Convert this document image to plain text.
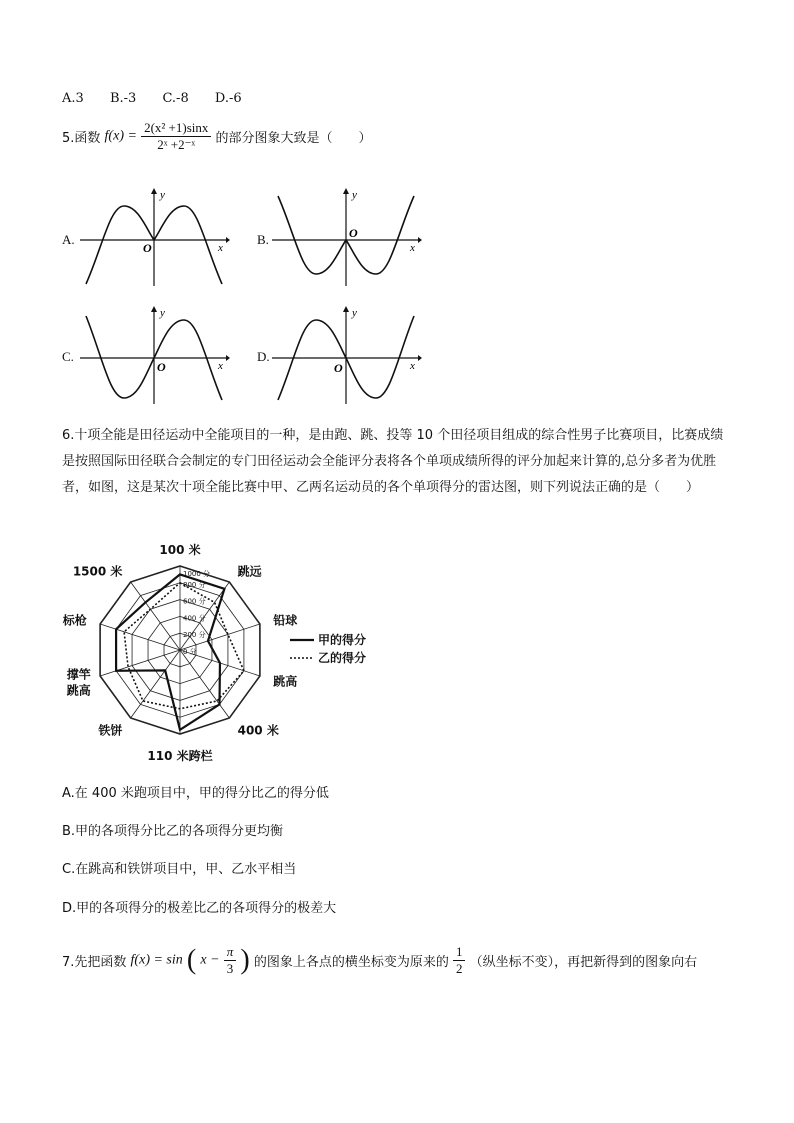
A.3 B.-3 C.-8 D.-6
5.函数 $f(x) = \frac{\text{2(x² +1)sinx}}{\text{2ˣ +2⁻ˣ}}$ 的部分图象大致是（　　）
A.	B.
C.	D.
y
x
O
y
x
O
y
x
O
y
x
O
6.十项全能是田径运动中全能项目的一种，是由跑、跳、投等 10 个田径项目组成的综合性男子比赛项目，比赛成绩是按照国际田径联合会制定的专门田径运动会全能评分表将各个单项成绩所得的评分加起来计算的,总分多者为优胜者，如图，这是某次十项全能比赛中甲、乙两名运动员的各个单项得分的雷达图，则下列说法正确的是（　　）
1000 分
800 分
600 分
400 分
200 分
0 分
100 米
跳远
铅球
跳高
400 米
110 米跨栏
铁饼
撑竿
跳高
标枪
1500 米
甲的得分
乙的得分
A.在 400 米跑项目中，甲的得分比乙的得分低
B.甲的各项得分比乙的各项得分更均衡
C.在跳高和铁饼项目中，甲、乙水平相当
D.甲的各项得分的极差比乙的各项得分的极差大
7.先把函数 f(x) = sin ( $x - \frac{\pi}{3}$ ) 的图象上各点的横坐标变为原来的 $\frac{1}{2}$ （纵坐标不变），再把新得到的图象向右
